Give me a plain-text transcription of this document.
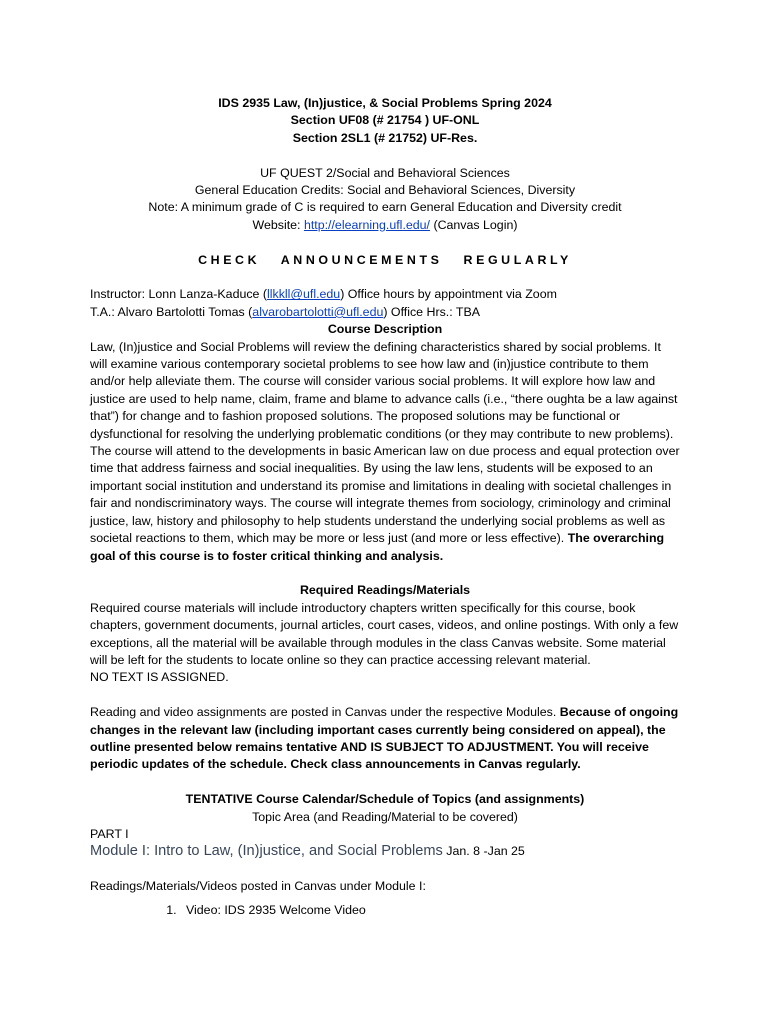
IDS 2935 Law, (In)justice, & Social Problems Spring 2024
Section UF08 (# 21754 ) UF-ONL
Section 2SL1 (# 21752) UF-Res.
UF QUEST 2/Social and Behavioral Sciences
General Education Credits: Social and Behavioral Sciences, Diversity
Note: A minimum grade of C is required to earn General Education and Diversity credit
Website: http://elearning.ufl.edu/ (Canvas Login)
CHECK ANNOUNCEMENTS REGULARLY
Instructor: Lonn Lanza-Kaduce (llkkll@ufl.edu) Office hours by appointment via Zoom
T.A.: Alvaro Bartolotti Tomas (alvarobartolotti@ufl.edu) Office Hrs.: TBA
Course Description
Law, (In)justice and Social Problems will review the defining characteristics shared by social problems. It will examine various contemporary societal problems to see how law and (in)justice contribute to them and/or help alleviate them. The course will consider various social problems. It will explore how law and justice are used to help name, claim, frame and blame to advance calls (i.e., “there oughta be a law against that”) for change and to fashion proposed solutions. The proposed solutions may be functional or dysfunctional for resolving the underlying problematic conditions (or they may contribute to new problems). The course will attend to the developments in basic American law on due process and equal protection over time that address fairness and social inequalities. By using the law lens, students will be exposed to an important social institution and understand its promise and limitations in dealing with societal challenges in fair and nondiscriminatory ways. The course will integrate themes from sociology, criminology and criminal justice, law, history and philosophy to help students understand the underlying social problems as well as societal reactions to them, which may be more or less just (and more or less effective). The overarching goal of this course is to foster critical thinking and analysis.
Required Readings/Materials
Required course materials will include introductory chapters written specifically for this course, book chapters, government documents, journal articles, court cases, videos, and online postings. With only a few exceptions, all the material will be available through modules in the class Canvas website. Some material will be left for the students to locate online so they can practice accessing relevant material.
NO TEXT IS ASSIGNED.
Reading and video assignments are posted in Canvas under the respective Modules. Because of ongoing changes in the relevant law (including important cases currently being considered on appeal), the outline presented below remains tentative AND IS SUBJECT TO ADJUSTMENT. You will receive periodic updates of the schedule. Check class announcements in Canvas regularly.
TENTATIVE Course Calendar/Schedule of Topics (and assignments)
Topic Area (and Reading/Material to be covered)
PART I
Module I: Intro to Law, (In)justice, and Social Problems Jan. 8 -Jan 25
Readings/Materials/Videos posted in Canvas under Module I:
1. Video: IDS 2935 Welcome Video
